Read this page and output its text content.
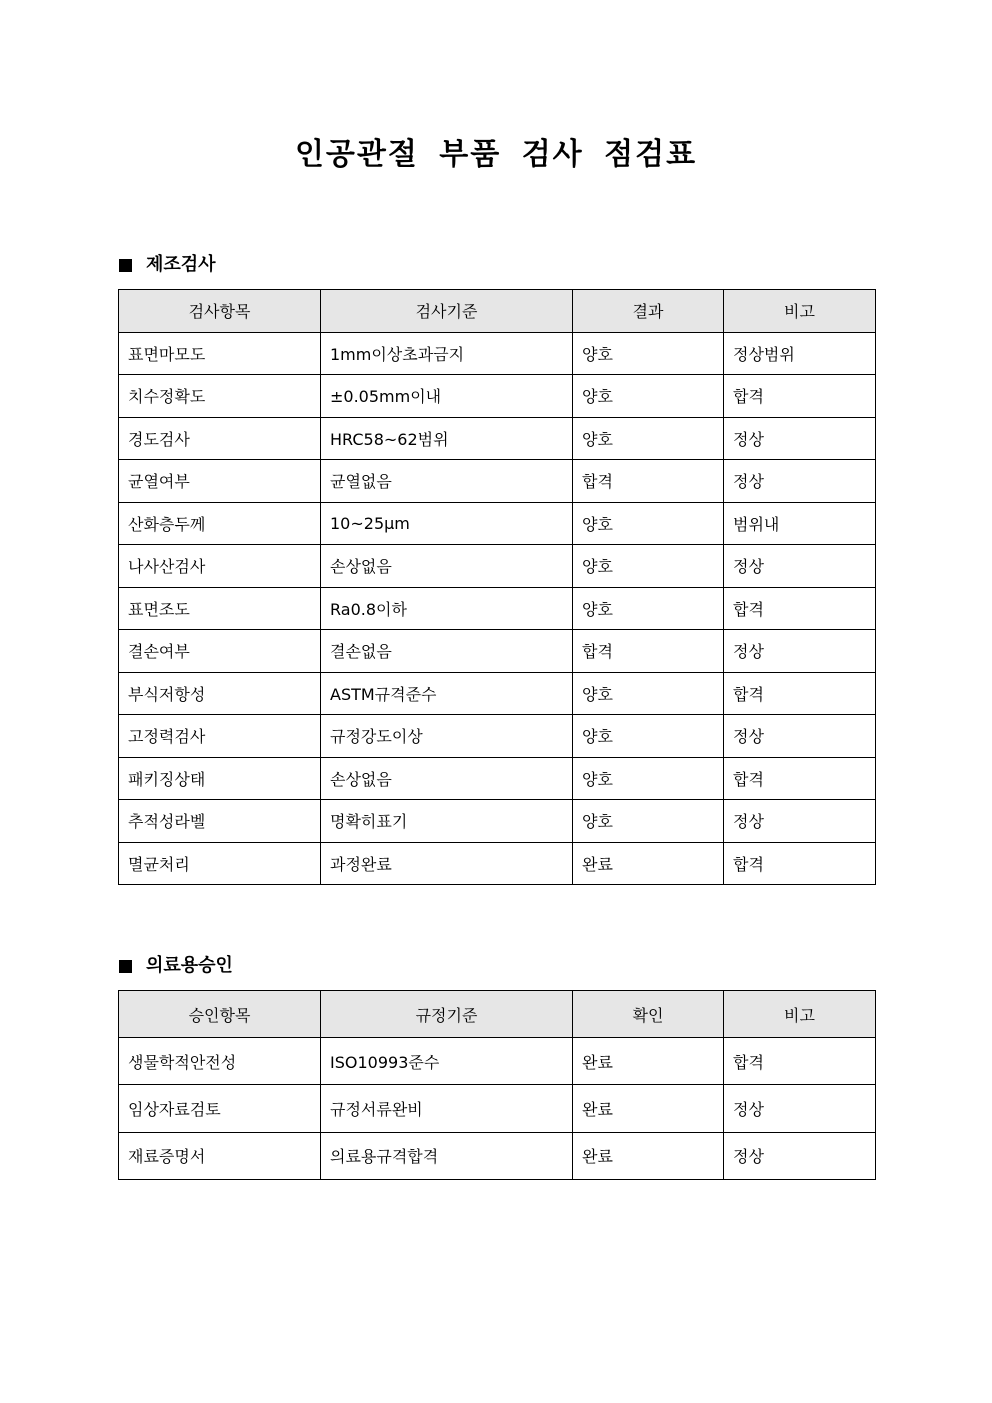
인공관절 부품 검사 점검표
제조검사
검사항목	검사기준	결과	비고
표면마모도	1mm이상초과금지	양호	정상범위
치수정확도	±0.05mm이내	양호	합격
경도검사	HRC58~62범위	양호	정상
균열여부	균열없음	합격	정상
산화층두께	10~25μm	양호	범위내
나사산검사	손상없음	양호	정상
표면조도	Ra0.8이하	양호	합격
결손여부	결손없음	합격	정상
부식저항성	ASTM규격준수	양호	합격
고정력검사	규정강도이상	양호	정상
패키징상태	손상없음	양호	합격
추적성라벨	명확히표기	양호	정상
멸균처리	과정완료	완료	합격
의료용승인
승인항목	규정기준	확인	비고
생물학적안전성	ISO10993준수	완료	합격
임상자료검토	규정서류완비	완료	정상
재료증명서	의료용규격합격	완료	정상
